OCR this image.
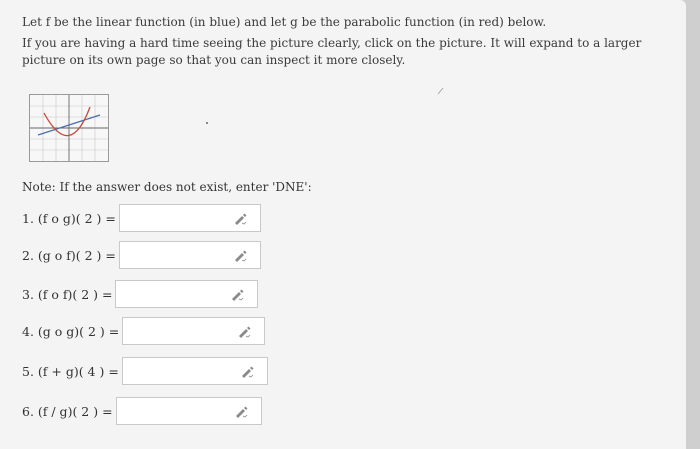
Let f be the linear function (in blue) and let g be the parabolic function (in red) below.

If you are having a hard time seeing the picture clearly, click on the picture. It will expand to a larger picture on its own page so that you can inspect it more closely.

Note: If the answer does not exist, enter 'DNE':
1. (f o g)( 2 ) =
2. (g o f)( 2 ) =
3. (f o f)( 2 ) =
4. (g o g)( 2 ) =
5. (f + g)( 4 ) =
6. (f / g)( 2 ) =
